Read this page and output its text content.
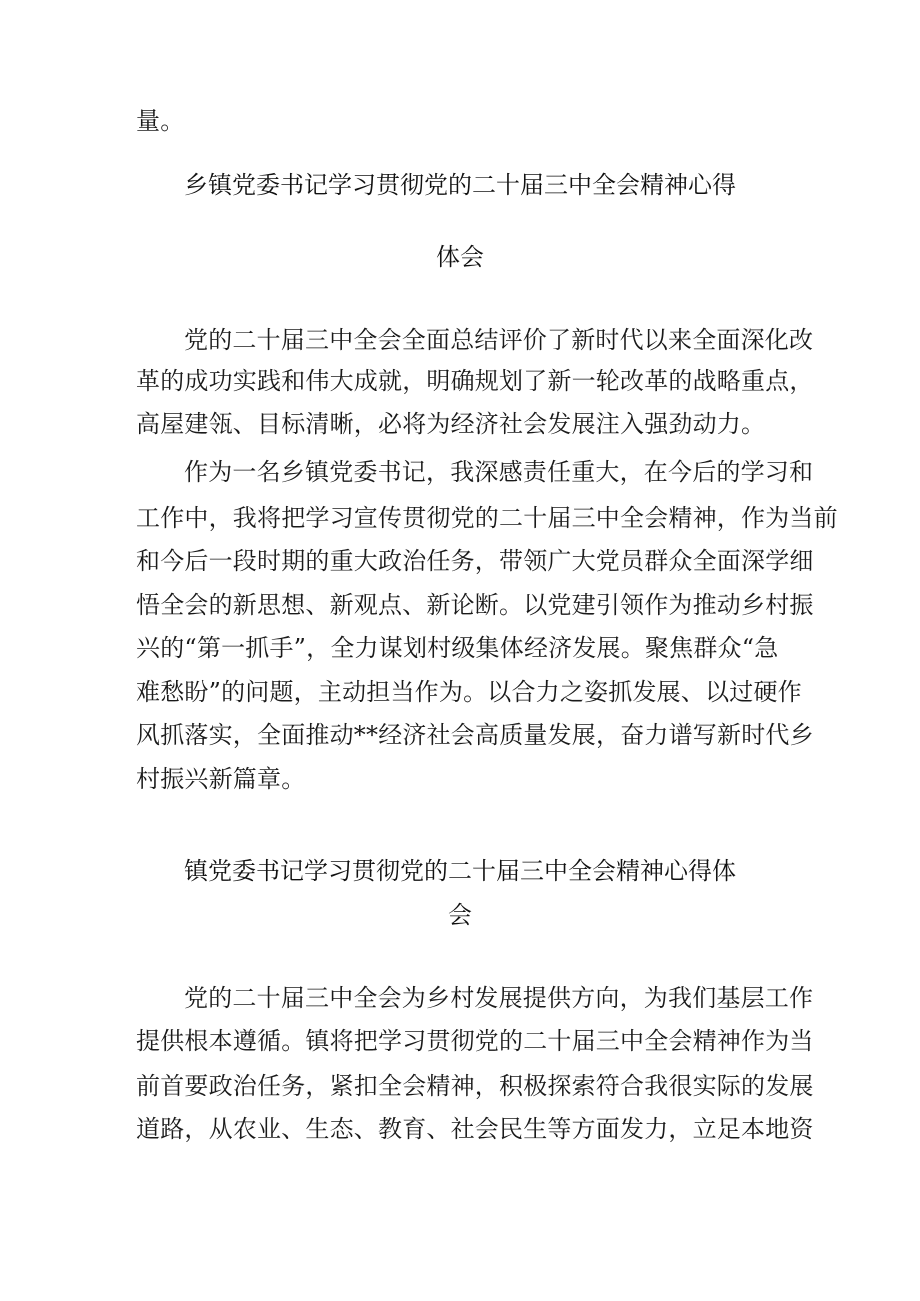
量。
乡镇党委书记学习贯彻党的二十届三中全会精神心得
体会
党的二十届三中全会全面总结评价了新时代以来全面深化改
革的成功实践和伟大成就，明确规划了新一轮改革的战略重点，
高屋建瓴、目标清晰，必将为经济社会发展注入强劲动力。
作为一名乡镇党委书记，我深感责任重大，在今后的学习和
工作中，我将把学习宣传贯彻党的二十届三中全会精神，作为当前
和今后一段时期的重大政治任务，带领广大党员群众全面深学细
悟全会的新思想、新观点、新论断。以党建引领作为推动乡村振
兴的“第一抓手”，全力谋划村级集体经济发展。聚焦群众“急
难愁盼”的问题，主动担当作为。以合力之姿抓发展、以过硬作
风抓落实，全面推动**经济社会高质量发展，奋力谱写新时代乡
村振兴新篇章。
镇党委书记学习贯彻党的二十届三中全会精神心得体
会
党的二十届三中全会为乡村发展提供方向，为我们基层工作
提供根本遵循。镇将把学习贯彻党的二十届三中全会精神作为当
前首要政治任务，紧扣全会精神，积极探索符合我很实际的发展
道路，从农业、生态、教育、社会民生等方面发力，立足本地资
